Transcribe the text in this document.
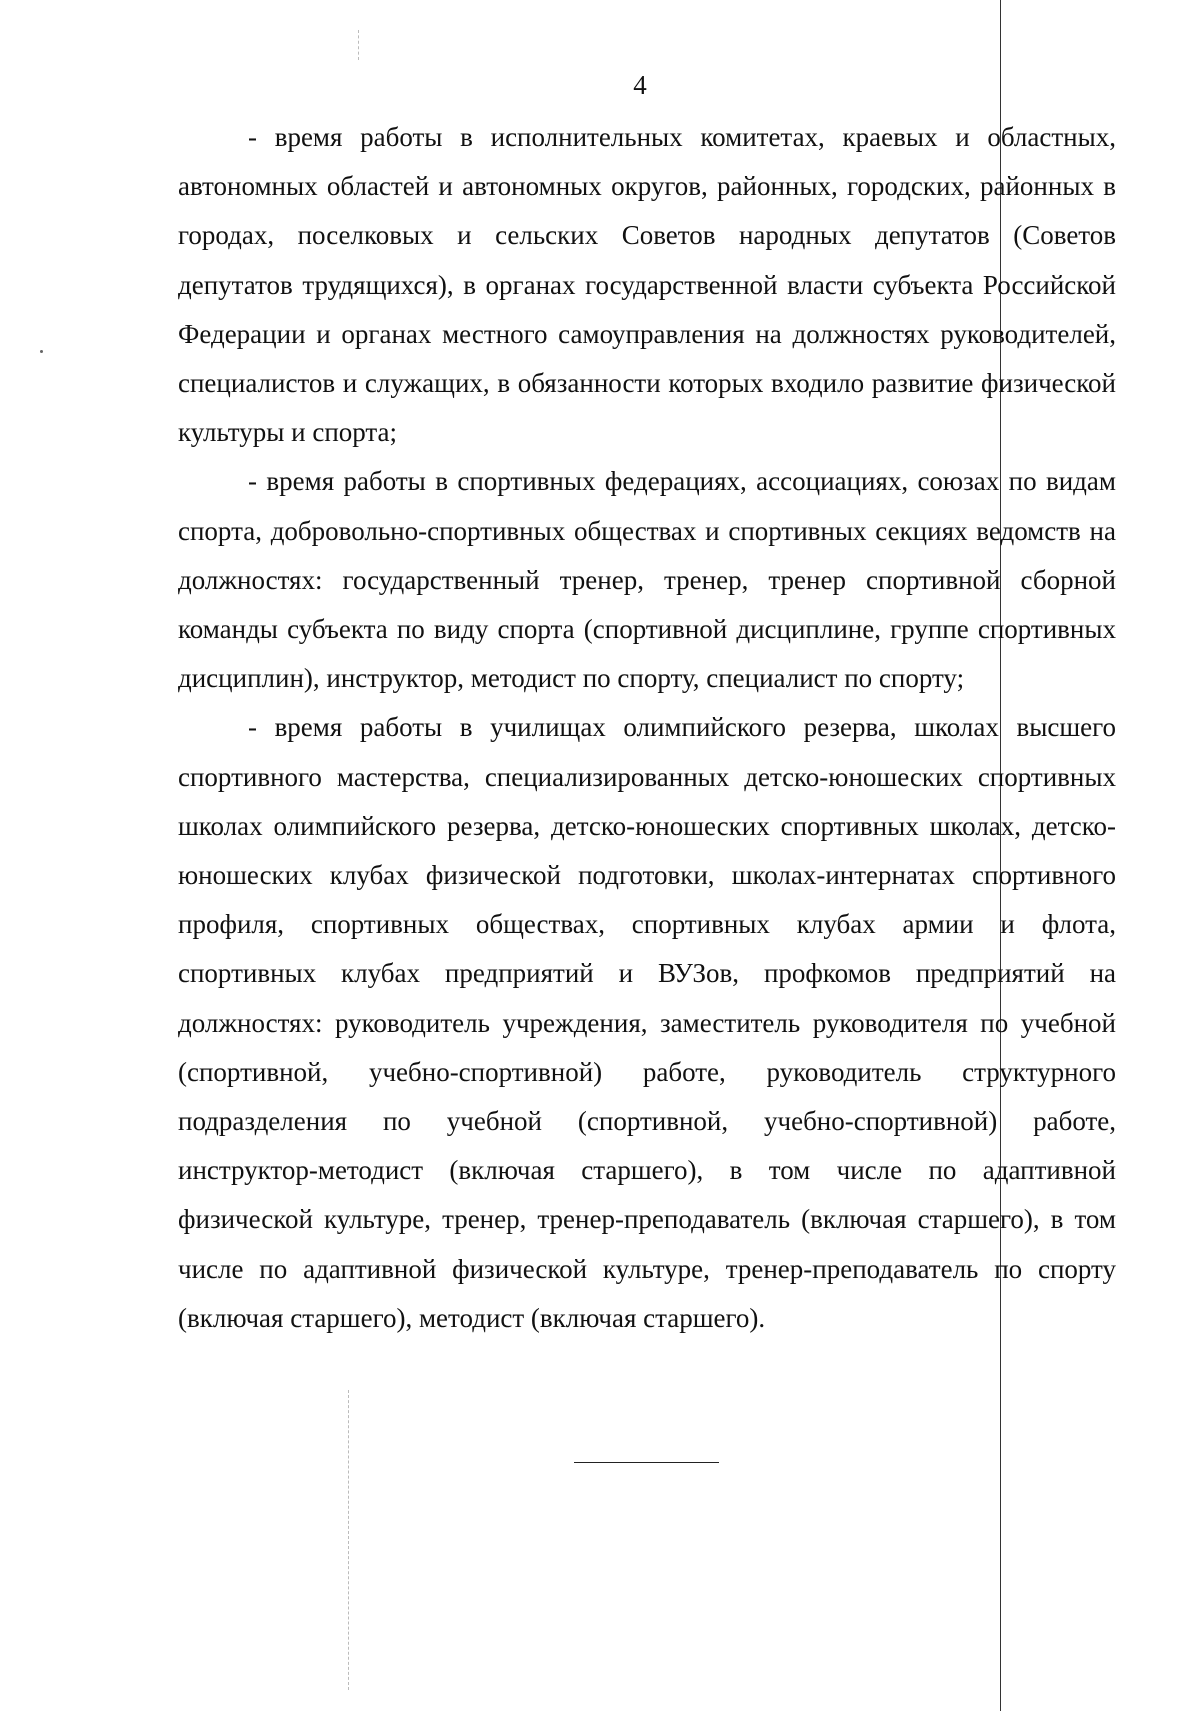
4

- время работы в исполнительных комитетах, краевых и областных, автономных областей и автономных округов, районных, городских, районных в городах, поселковых и сельских Советов народных депутатов (Советов депутатов трудящихся), в органах государственной власти субъекта Российской Федерации и органах местного самоуправления на должностях руководителей, специалистов и служащих, в обязанности которых входило развитие физической культуры и спорта;

- время работы в спортивных федерациях, ассоциациях, союзах по видам спорта, добровольно-спортивных обществах и спортивных секциях ведомств на должностях: государственный тренер, тренер, тренер спортивной сборной команды субъекта по виду спорта (спортивной дисциплине, группе спортивных дисциплин), инструктор, методист по спорту, специалист по спорту;

- время работы в училищах олимпийского резерва, школах высшего спортивного мастерства, специализированных детско-юношеских спортивных школах олимпийского резерва, детско-юношеских спортивных школах, детско-юношеских клубах физической подготовки, школах-интернатах спортивного профиля, спортивных обществах, спортивных клубах армии и флота, спортивных клубах предприятий и ВУЗов, профкомов предприятий на должностях: руководитель учреждения, заместитель руководителя по учебной (спортивной, учебно-спортивной) работе, руководитель структурного подразделения по учебной (спортивной, учебно-спортивной) работе, инструктор-методист (включая старшего), в том числе по адаптивной физической культуре, тренер, тренер-преподаватель (включая старшего), в том числе по адаптивной физической культуре, тренер-преподаватель по спорту (включая старшего), методист (включая старшего).
